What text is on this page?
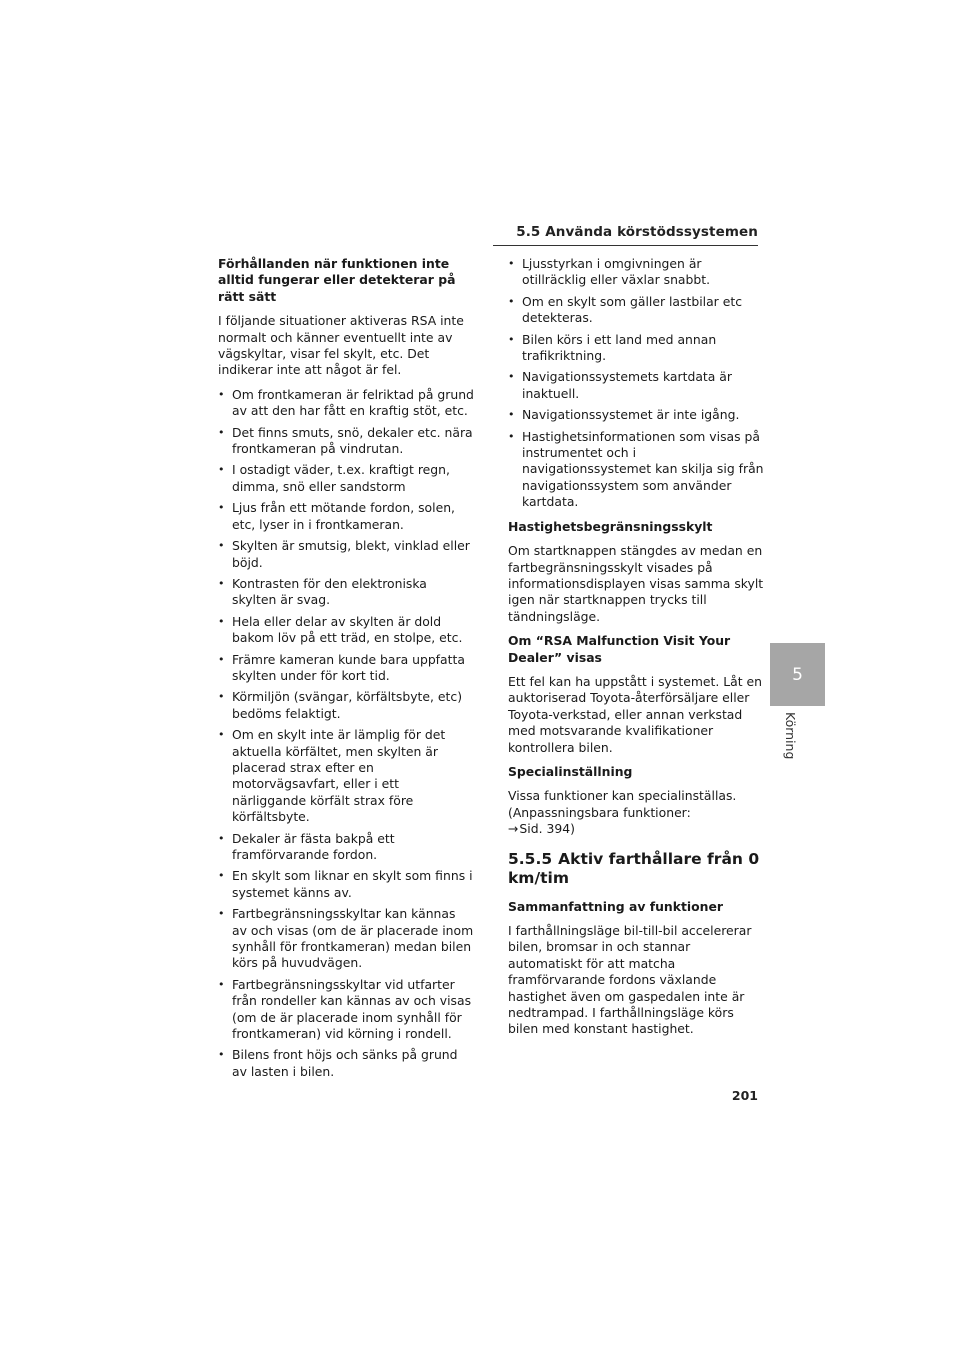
5.5 Använda körstödssystemen

Förhållanden när funktionen inte alltid fungerar eller detekterar på rätt sätt

I följande situationer aktiveras RSA inte normalt och känner eventuellt inte av vägskyltar, visar fel skylt, etc. Det indikerar inte att något är fel.

• Om frontkameran är felriktad på grund av att den har fått en kraftig stöt, etc.
• Det finns smuts, snö, dekaler etc. nära frontkameran på vindrutan.
• I ostadigt väder, t.ex. kraftigt regn, dimma, snö eller sandstorm
• Ljus från ett mötande fordon, solen, etc, lyser in i frontkameran.
• Skylten är smutsig, blekt, vinklad eller böjd.
• Kontrasten för den elektroniska skylten är svag.
• Hela eller delar av skylten är dold bakom löv på ett träd, en stolpe, etc.
• Främre kameran kunde bara uppfatta skylten under för kort tid.
• Körmiljön (svängar, körfältsbyte, etc) bedöms felaktigt.
• Om en skylt inte är lämplig för det aktuella körfältet, men skylten är placerad strax efter en motorvägsavfart, eller i ett närliggande körfält strax före körfältsbyte.
• Dekaler är fästa bakpå ett framförvarande fordon.
• En skylt som liknar en skylt som finns i systemet känns av.
• Fartbegränsningsskyltar kan kännas av och visas (om de är placerade inom synhåll för frontkameran) medan bilen körs på huvudvägen.
• Fartbegränsningsskyltar vid utfarter från rondeller kan kännas av och visas (om de är placerade inom synhåll för frontkameran) vid körning i rondell.
• Bilens front höjs och sänks på grund av lasten i bilen.
• Ljusstyrkan i omgivningen är otillräcklig eller växlar snabbt.
• Om en skylt som gäller lastbilar etc detekteras.
• Bilen körs i ett land med annan trafikriktning.
• Navigationssystemets kartdata är inaktuell.
• Navigationssystemet är inte igång.
• Hastighetsinformationen som visas på instrumentet och i navigationssystemet kan skilja sig från navigationssystem som använder kartdata.

Hastighetsbegränsningsskylt

Om startknappen stängdes av medan en fartbegränsningsskylt visades på informationsdisplayen visas samma skylt igen när startknappen trycks till tändningsläge.

Om “RSA Malfunction Visit Your Dealer” visas

Ett fel kan ha uppstått i systemet. Låt en auktoriserad Toyota-återförsäljare eller Toyota-verkstad, eller annan verkstad med motsvarande kvalifikationer kontrollera bilen.

Specialinställning

Vissa funktioner kan specialinställas. (Anpassningsbara funktioner:
→Sid. 394)

5.5.5 Aktiv farthållare från 0 km/tim

Sammanfattning av funktioner

I farthållningsläge bil-till-bil accelererar bilen, bromsar in och stannar automatiskt för att matcha framförvarande fordons växlande hastighet även om gaspedalen inte är nedtrampad. I farthållningsläge körs bilen med konstant hastighet.

5
Körning
201
